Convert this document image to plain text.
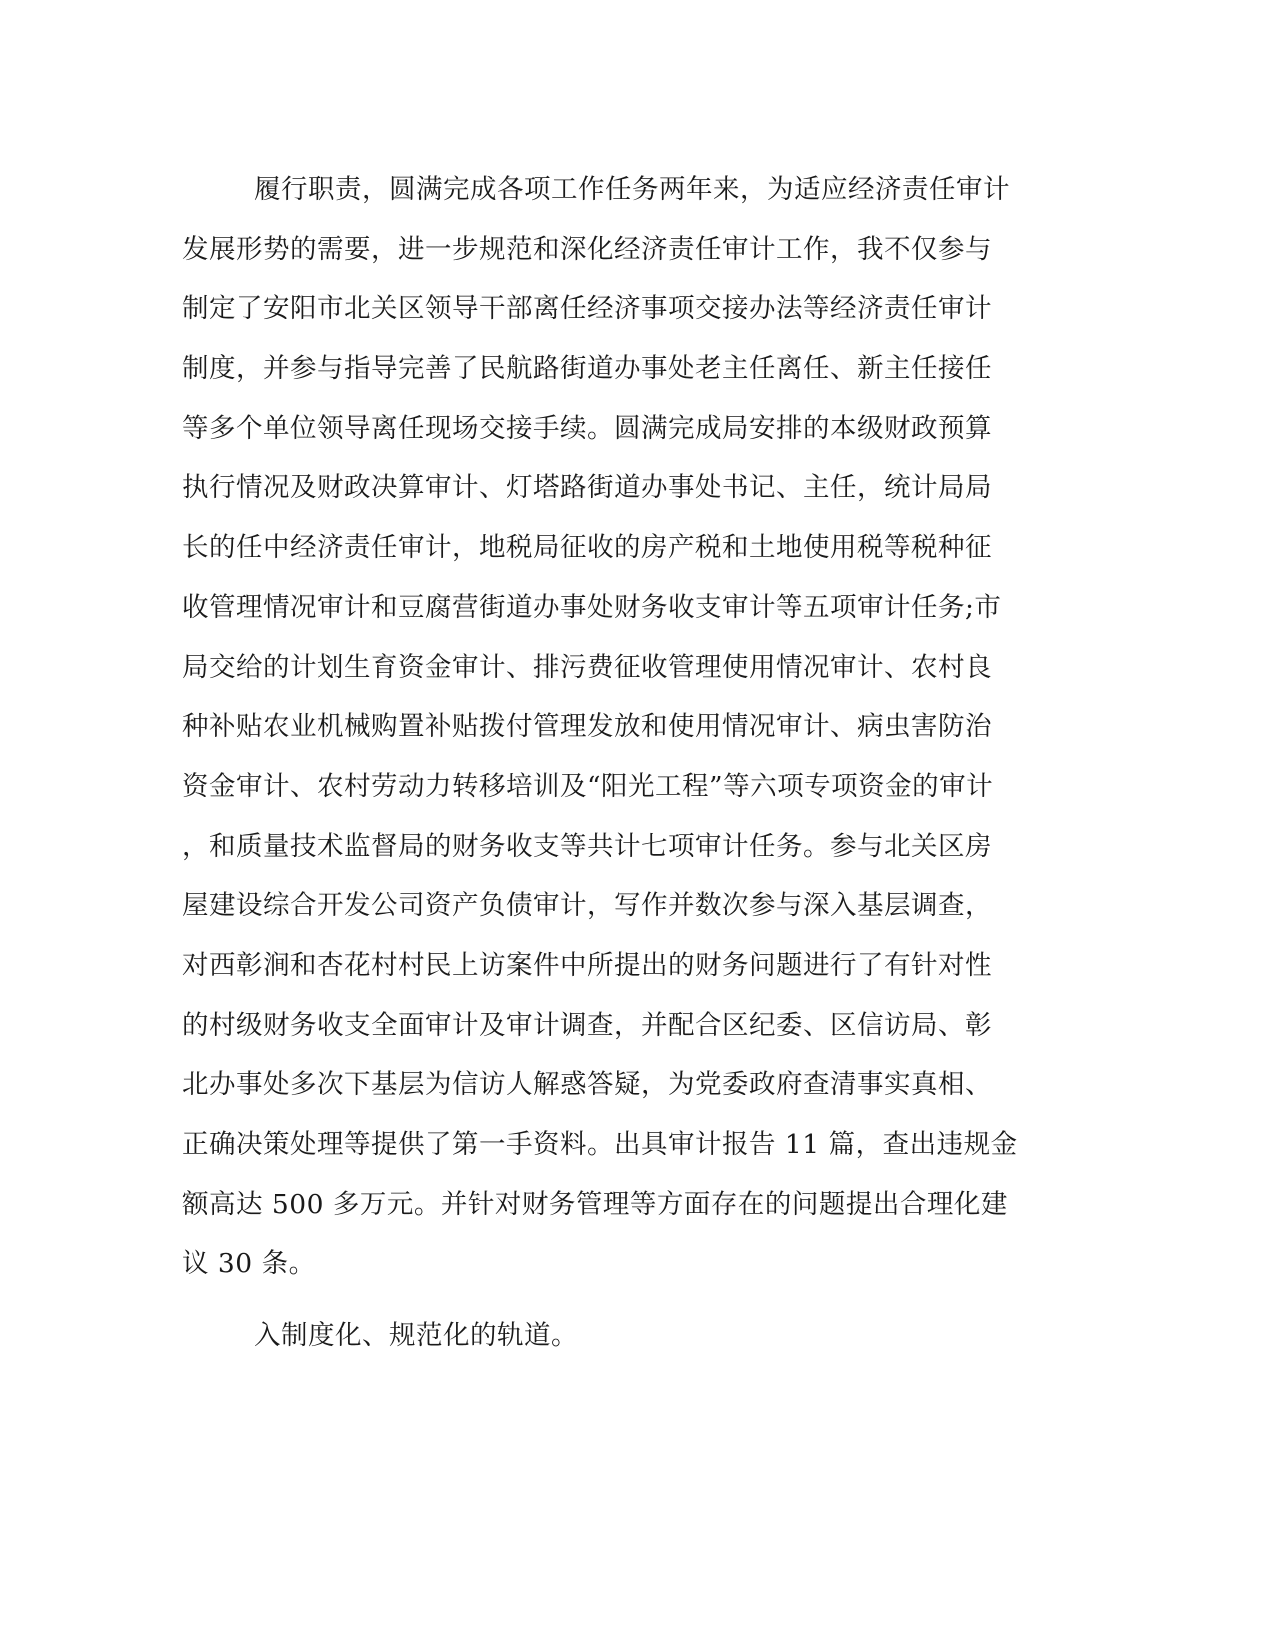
履行职责，圆满完成各项工作任务两年来，为适应经济责任审计
发展形势的需要，进一步规范和深化经济责任审计工作，我不仅参与
制定了安阳市北关区领导干部离任经济事项交接办法等经济责任审计
制度，并参与指导完善了民航路街道办事处老主任离任、新主任接任
等多个单位领导离任现场交接手续。圆满完成局安排的本级财政预算
执行情况及财政决算审计、灯塔路街道办事处书记、主任，统计局局
长的任中经济责任审计，地税局征收的房产税和土地使用税等税种征
收管理情况审计和豆腐营街道办事处财务收支审计等五项审计任务;市
局交给的计划生育资金审计、排污费征收管理使用情况审计、农村良
种补贴农业机械购置补贴拨付管理发放和使用情况审计、病虫害防治
资金审计、农村劳动力转移培训及“阳光工程”等六项专项资金的审计
，和质量技术监督局的财务收支等共计七项审计任务。参与北关区房
屋建设综合开发公司资产负债审计，写作并数次参与深入基层调查，
对西彰涧和杏花村村民上访案件中所提出的财务问题进行了有针对性
的村级财务收支全面审计及审计调查，并配合区纪委、区信访局、彰
北办事处多次下基层为信访人解惑答疑，为党委政府查清事实真相、
正确决策处理等提供了第一手资料。出具审计报告 11 篇，查出违规金
额高达 500 多万元。并针对财务管理等方面存在的问题提出合理化建
议 30 条。
入制度化、规范化的轨道。
